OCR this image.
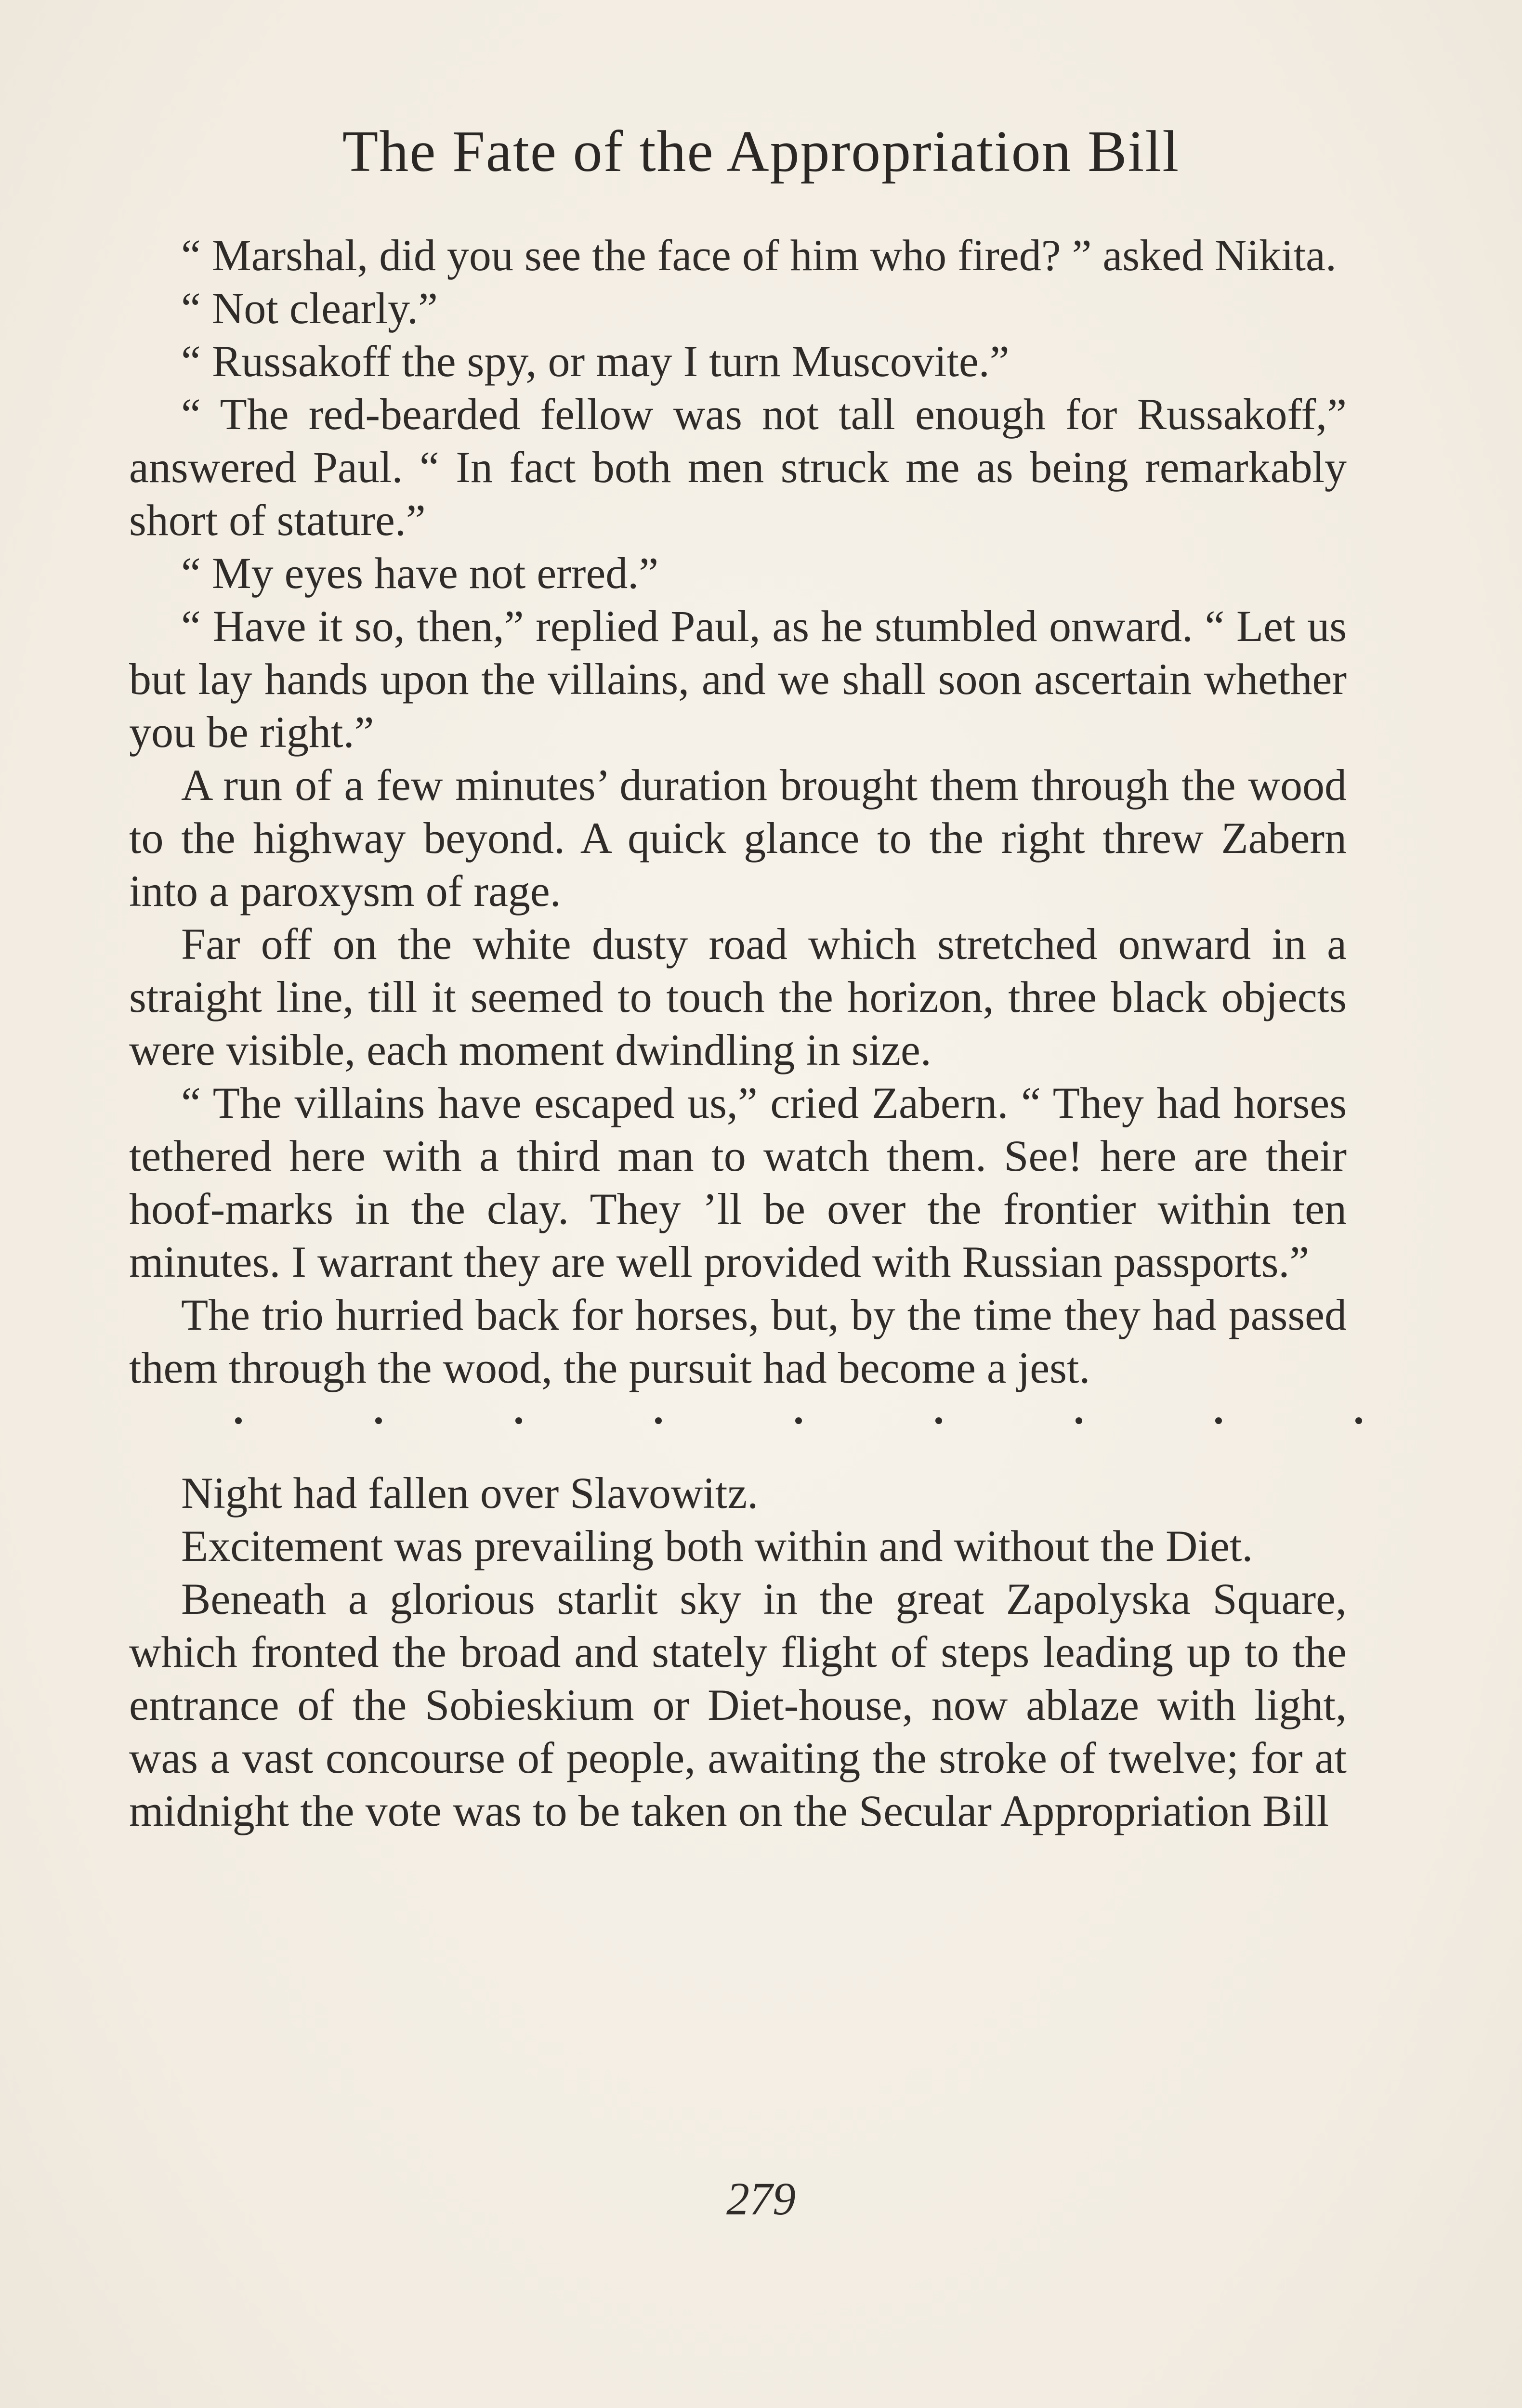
The Fate of the Appropriation Bill

“ Marshal, did you see the face of him who fired? ” asked Nikita.

“ Not clearly.”

“ Russakoff the spy, or may I turn Muscovite.”

“ The red-bearded fellow was not tall enough for Russakoff,” answered Paul. “ In fact both men struck me as being remarkably short of stature.”

“ My eyes have not erred.”

“ Have it so, then,” replied Paul, as he stumbled onward. “ Let us but lay hands upon the villains, and we shall soon ascertain whether you be right.”

A run of a few minutes’ duration brought them through the wood to the highway beyond. A quick glance to the right threw Zabern into a paroxysm of rage.

Far off on the white dusty road which stretched onward in a straight line, till it seemed to touch the horizon, three black objects were visible, each moment dwindling in size.

“ The villains have escaped us,” cried Zabern. “ They had horses tethered here with a third man to watch them. See! here are their hoof-marks in the clay. They ’ll be over the frontier within ten minutes. I warrant they are well provided with Russian passports.”

The trio hurried back for horses, but, by the time they had passed them through the wood, the pursuit had become a jest.

Night had fallen over Slavowitz.

Excitement was prevailing both within and without the Diet.

Beneath a glorious starlit sky in the great Zapolyska Square, which fronted the broad and stately flight of steps leading up to the entrance of the Sobieskium or Diet-house, now ablaze with light, was a vast concourse of people, awaiting the stroke of twelve; for at midnight the vote was to be taken on the Secular Appropriation Bill

279
